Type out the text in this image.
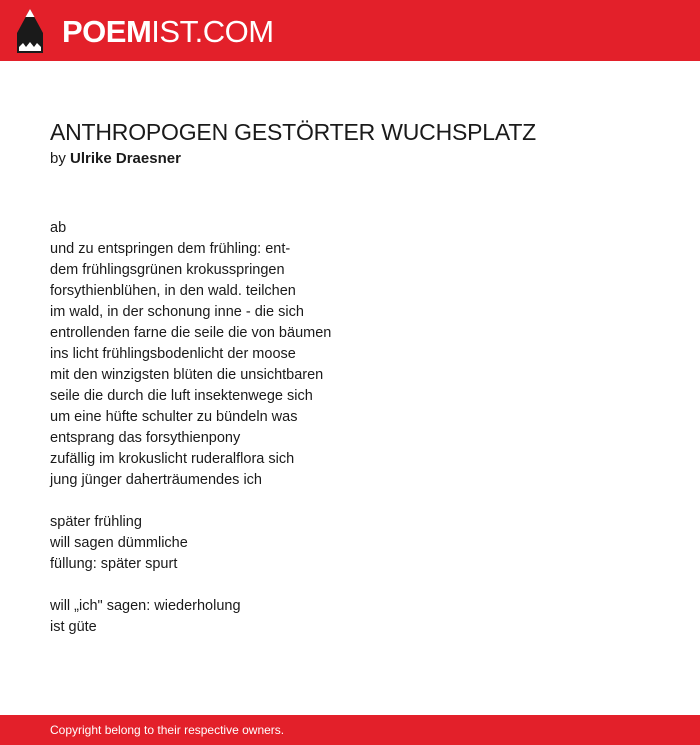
POEMIST.COM
ANTHROPOGEN GESTÖRTER WUCHSPLATZ
by Ulrike Draesner
ab
und zu entspringen dem frühling: ent-
dem frühlingsgrünen krokusspringen
forsythienblühen, in den wald. teilchen
im wald, in der schonung inne - die sich
entrollenden farne die seile die von bäumen
ins licht frühlingsbodenlicht der moose
mit den winzigsten blüten die unsichtbaren
seile die durch die luft insektenwege sich
um eine hüfte schulter zu bündeln was
entsprang das forsythienpony
zufällig im krokuslicht ruderalflora sich
jung jünger daherträumendes ich
später frühling
will sagen dümmliche
füllung: später spurt
will „ich" sagen: wiederholung
ist güte
Copyright belong to their respective owners.
